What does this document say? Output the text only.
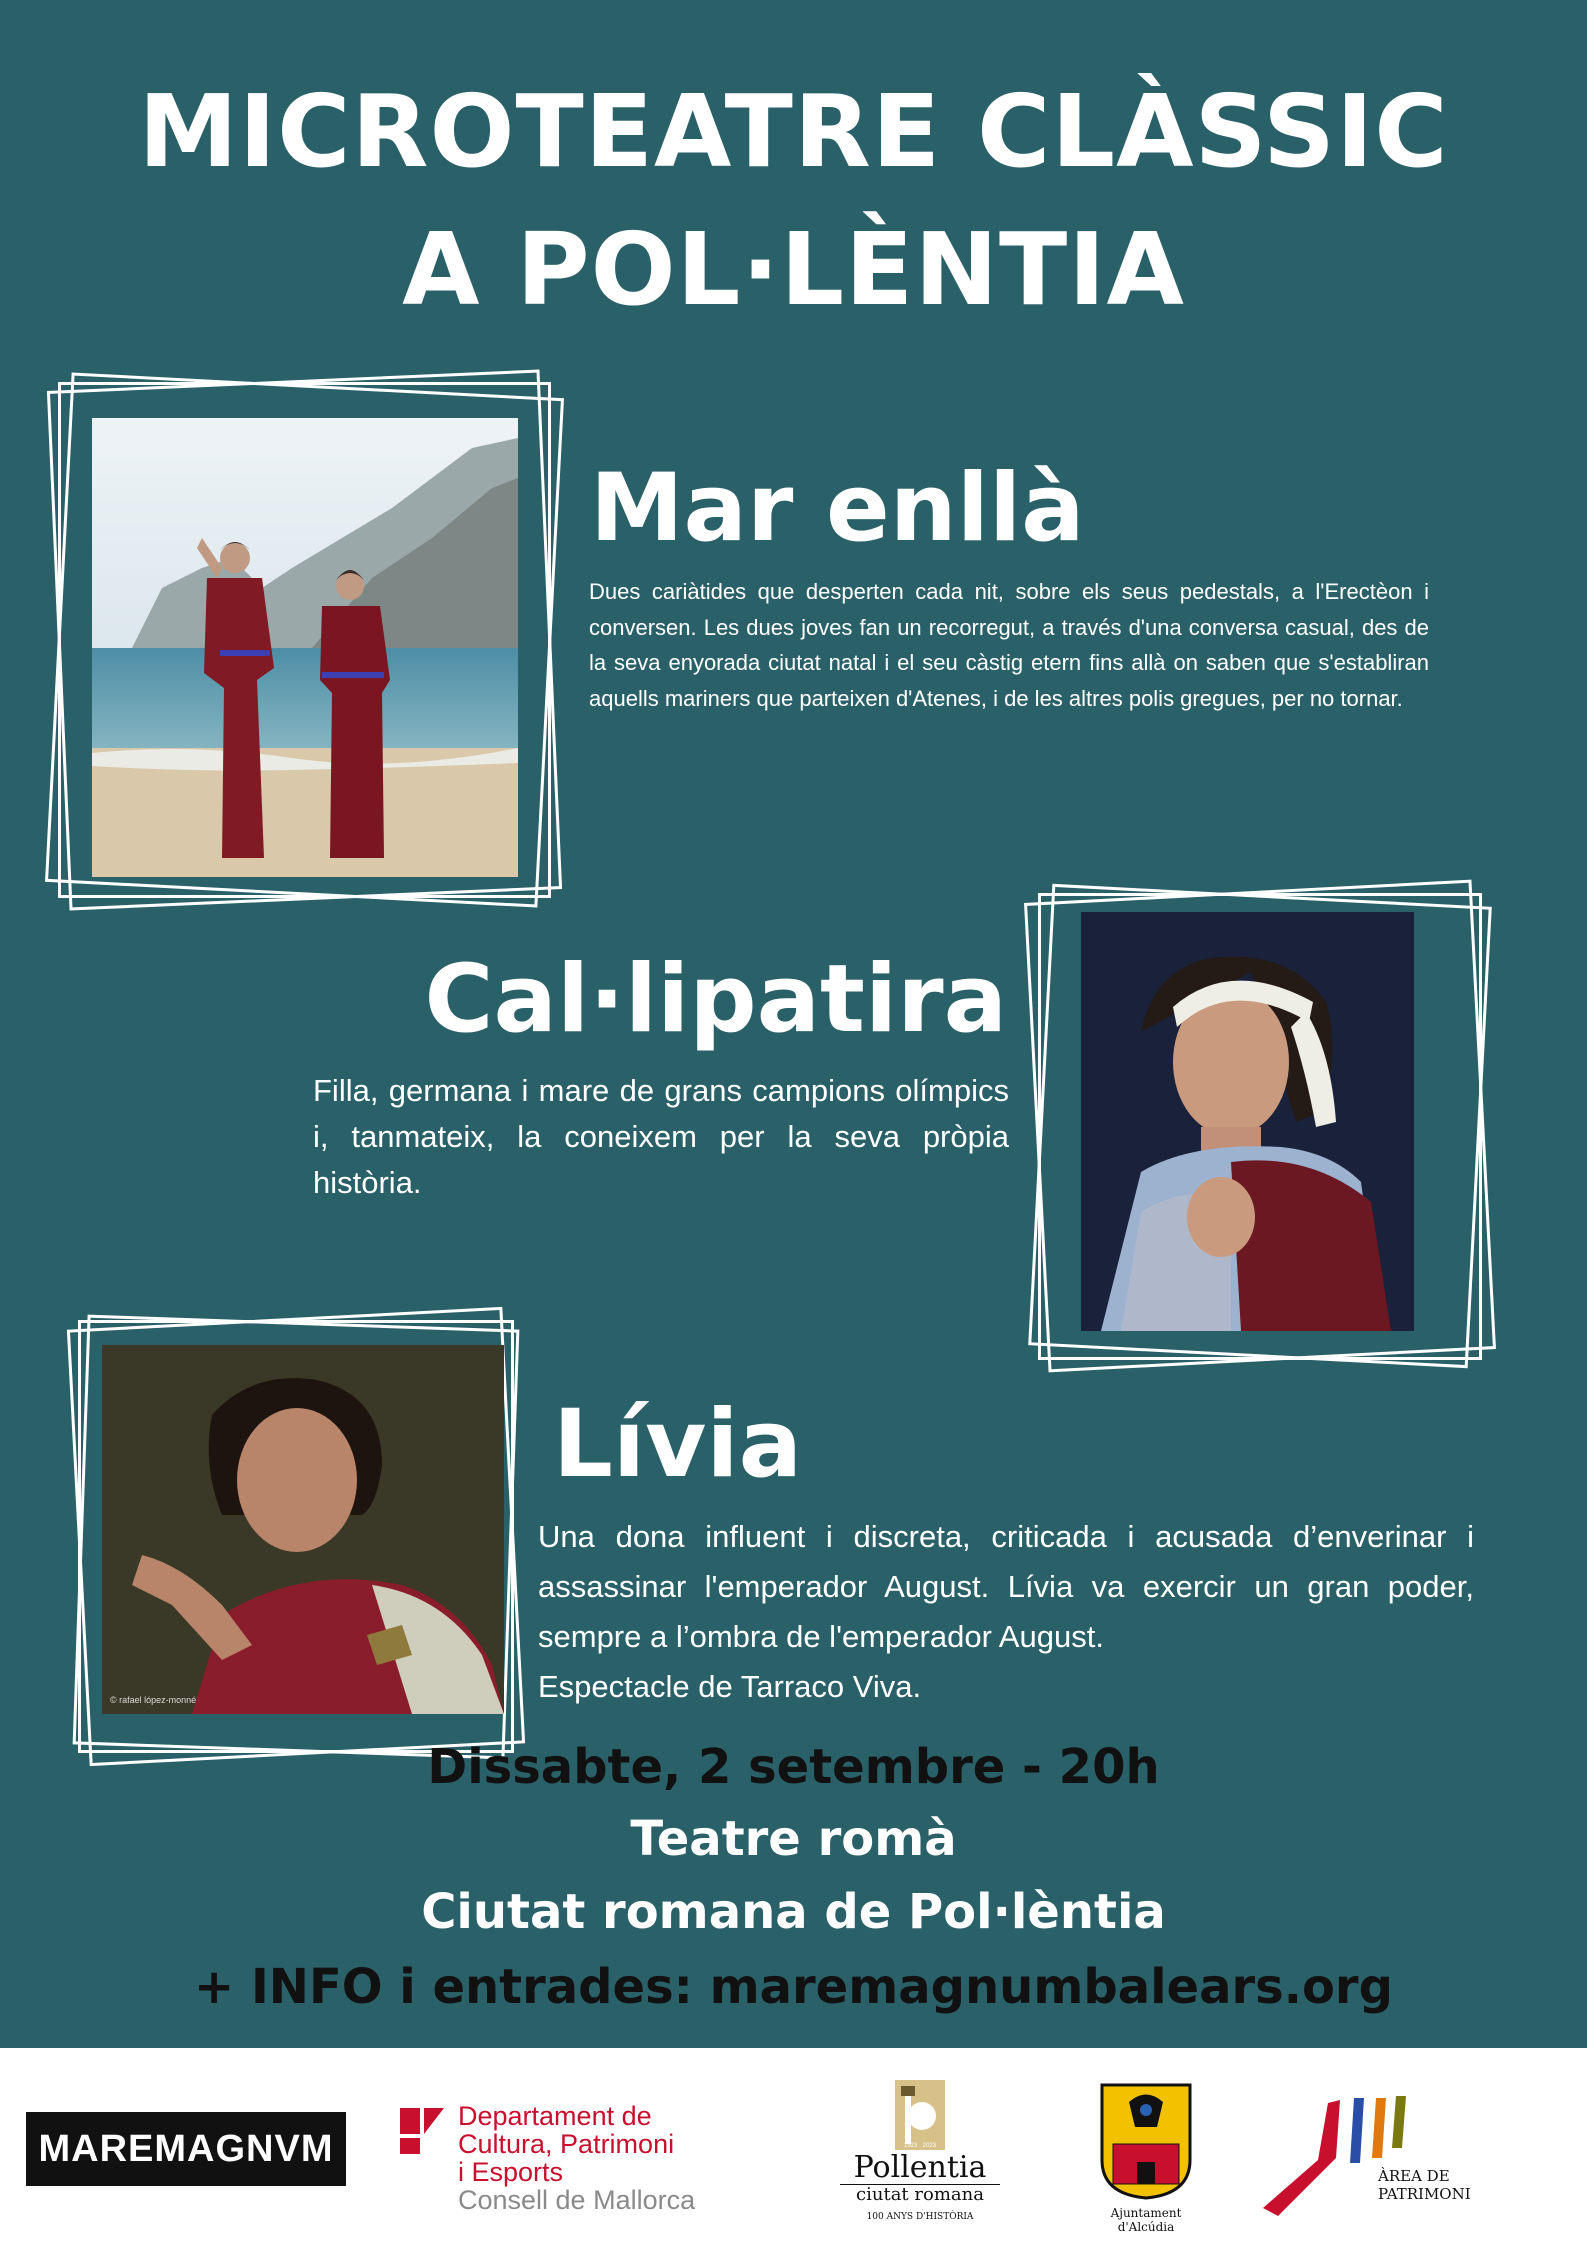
MICROTEATRE CLÀSSIC
A POL·LÈNTIA
Mar enllà
Dues cariàtides que desperten cada nit, sobre els seus pedestals, a l'Erectèon i conversen. Les dues joves fan un recorregut, a través d'una conversa casual, des de la seva enyorada ciutat natal i el seu càstig etern fins allà on saben que s'establiran aquells mariners que parteixen d'Atenes, i de les altres polis gregues, per no tornar.
Cal·lipatira
Filla, germana i mare de grans campions olímpics i, tanmateix, la coneixem per la seva pròpia història.
© rafael lópez-monné
Lívia
Una dona influent i discreta, criticada i acusada d’enverinar i assassinar l'emperador August. Lívia va exercir un gran poder, sempre a l’ombra de l'emperador August.
Espectacle de Tarraco Viva.
Dissabte, 2 setembre - 20h
Teatre romà
Ciutat romana de Pol·lèntia
+ INFO i entrades: maremagnumbalears.org
MAREMAGNVM
Departament de
Cultura, Patrimoni
i Esports
Consell de Mallorca
1923 · 2023
Pollentia
ciutat romana
100 ANYS D'HISTÒRIA	Ajuntament
d'Alcúdia
ÀREA DE
PATRIMONI
